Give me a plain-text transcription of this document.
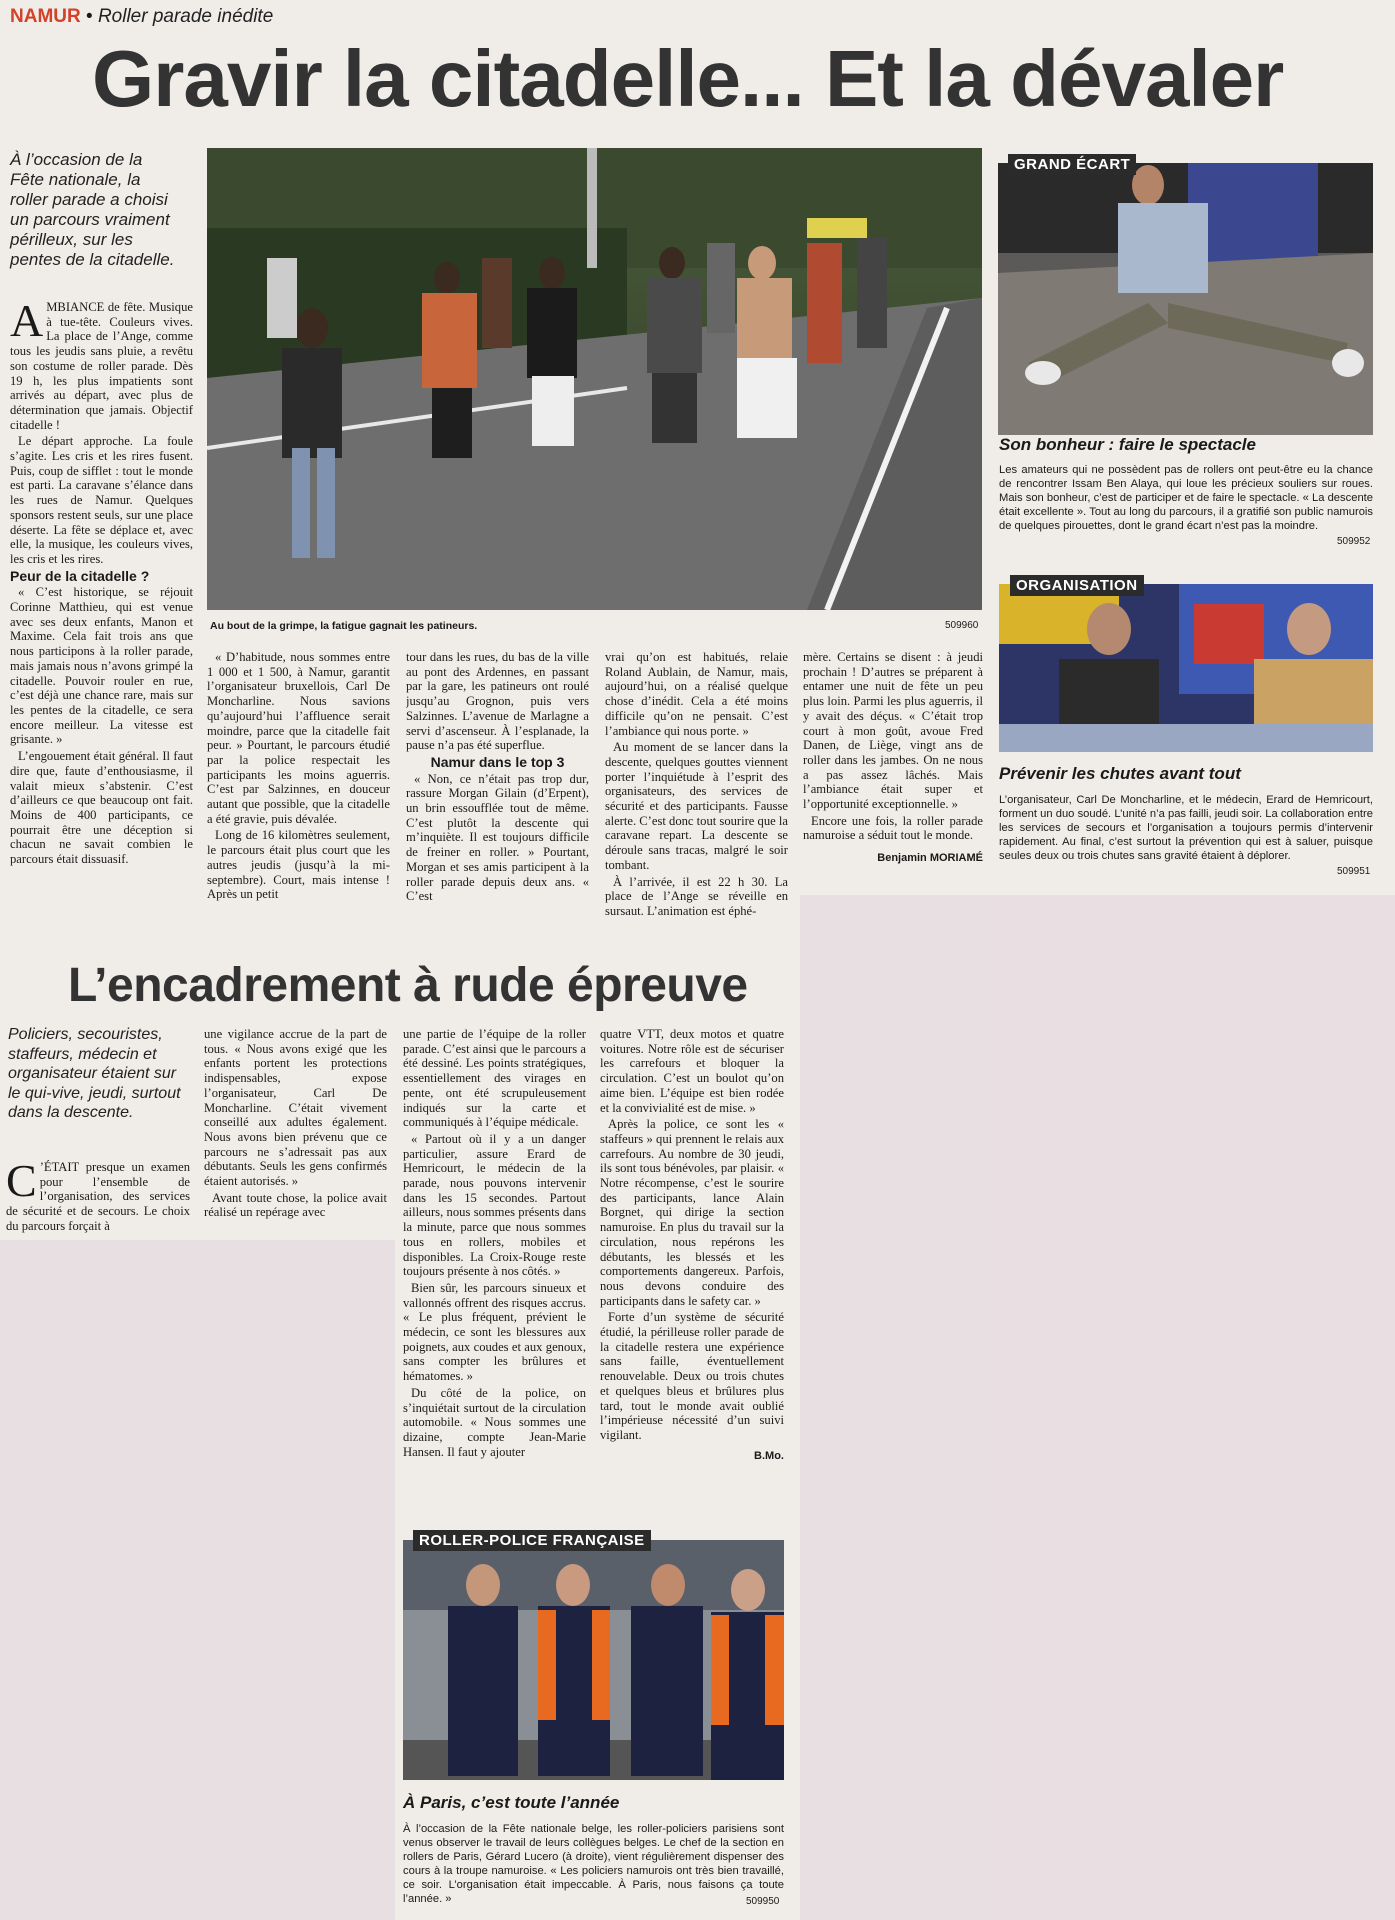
NAMUR • Roller parade inédite
Gravir la citadelle... Et la dévaler
À l’occasion de la Fête nationale, la roller parade a choisi un parcours vraiment périlleux, sur les pentes de la citadelle.
Au bout de la grimpe, la fatigue gagnait les patineurs.	509960

AMBIANCE de fête. Musique à tue-tête. Couleurs vives. La place de l’Ange, comme tous les jeudis sans pluie, a revêtu son costume de roller parade. Dès 19 h, les plus impatients sont arrivés au départ, avec plus de détermination que jamais. Objectif citadelle !

Le départ approche. La foule s’agite. Les cris et les rires fusent. Puis, coup de sifflet : tout le monde est parti. La caravane s’élance dans les rues de Namur. Quelques sponsors restent seuls, sur une place déserte. La fête se déplace et, avec elle, la musique, les couleurs vives, les cris et les rires.

Peur de la citadelle ?

« C’est historique, se réjouit Corinne Matthieu, qui est venue avec ses deux enfants, Manon et Maxime. Cela fait trois ans que nous participons à la roller parade, mais jamais nous n’avons grimpé la citadelle. Pouvoir rouler en rue, c’est déjà une chance rare, mais sur les pentes de la citadelle, ce sera encore meilleur. La vitesse est grisante. »

L’engouement était général. Il faut dire que, faute d’enthousiasme, il valait mieux s’abstenir. C’est d’ailleurs ce que beaucoup ont fait. Moins de 400 participants, ce pourrait être une déception si chacun ne savait combien le parcours était dissuasif.

« D’habitude, nous sommes entre 1 000 et 1 500, à Namur, garantit l’organisateur bruxellois, Carl De Moncharline. Nous savions qu’aujourd’hui l’affluence serait moindre, parce que la citadelle fait peur. » Pourtant, le parcours étudié par la police respectait les participants les moins aguerris. C’est par Salzinnes, en douceur autant que possible, que la citadelle a été gravie, puis dévalée.

Long de 16 kilomètres seulement, le parcours était plus court que les autres jeudis (jusqu’à la mi-septembre). Court, mais intense ! Après un petit

tour dans les rues, du bas de la ville au pont des Ardennes, en passant par la gare, les patineurs ont roulé jusqu’au Grognon, puis vers Salzinnes. L’avenue de Marlagne a servi d’ascenseur. À l’esplanade, la pause n’a pas été superflue.

Namur dans le top 3

« Non, ce n’était pas trop dur, rassure Morgan Gilain (d’Erpent), un brin essoufflée tout de même. C’est plutôt la descente qui m’inquiète. Il est toujours difficile de freiner en roller. » Pourtant, Morgan et ses amis participent à la roller parade depuis deux ans. « C’est

vrai qu’on est habitués, relaie Roland Aublain, de Namur, mais, aujourd’hui, on a réalisé quelque chose d’inédit. Cela a été moins difficile qu’on ne pensait. C’est l’ambiance qui nous porte. »

Au moment de se lancer dans la descente, quelques gouttes viennent porter l’inquiétude à l’esprit des organisateurs, des services de sécurité et des participants. Fausse alerte. C’est donc tout sourire que la caravane repart. La descente se déroule sans tracas, malgré le soir tombant.

À l’arrivée, il est 22 h 30. La place de l’Ange se réveille en sursaut. L’animation est éphé-

mère. Certains se disent : à jeudi prochain ! D’autres se préparent à entamer une nuit de fête un peu plus loin. Parmi les plus aguerris, il y avait des déçus. « C’était trop court à mon goût, avoue Fred Danen, de Liège, vingt ans de roller dans les jambes. On ne nous a pas assez lâchés. Mais l’ambiance était super et l’opportunité exceptionnelle. »

Encore une fois, la roller parade namuroise a séduit tout le monde.

Benjamin MORIAMÉ
GRAND ÉCART
Son bonheur : faire le spectacle
Les amateurs qui ne possèdent pas de rollers ont peut-être eu la chance de rencontrer Issam Ben Alaya, qui loue les précieux souliers sur roues. Mais son bonheur, c’est de participer et de faire le spectacle. « La descente était excellente ». Tout au long du parcours, il a gratifié son public namurois de quelques pirouettes, dont le grand écart n’est pas la moindre.
509952
ORGANISATION
Prévenir les chutes avant tout
L’organisateur, Carl De Moncharline, et le médecin, Erard de Hemricourt, forment un duo soudé. L’unité n’a pas failli, jeudi soir. La collaboration entre les services de secours et l’organisation a toujours permis d’intervenir rapidement. Au final, c’est surtout la prévention qui est à saluer, puisque seules deux ou trois chutes sans gravité étaient à déplorer.
509951
L’encadrement à rude épreuve
Policiers, secouristes, staffeurs, médecin et organisateur étaient sur le qui-vive, jeudi, surtout dans la descente.

C ’ÉTAIT presque un examen pour l’ensemble de l’organisation, des services de sécurité et de secours. Le choix du parcours forçait à

une vigilance accrue de la part de tous. « Nous avons exigé que les enfants portent les protections indispensables, expose l’organisateur, Carl De Moncharline. C’était vivement conseillé aux adultes également. Nous avons bien prévenu que ce parcours ne s’adressait pas aux débutants. Seuls les gens confirmés étaient autorisés. »

Avant toute chose, la police avait réalisé un repérage avec

une partie de l’équipe de la roller parade. C’est ainsi que le parcours a été dessiné. Les points stratégiques, essentiellement des virages en pente, ont été scrupuleusement indiqués sur la carte et communiqués à l’équipe médicale.

« Partout où il y a un danger particulier, assure Erard de Hemricourt, le médecin de la parade, nous pouvons intervenir dans les 15 secondes. Partout ailleurs, nous sommes présents dans la minute, parce que nous sommes tous en rollers, mobiles et disponibles. La Croix-Rouge reste toujours présente à nos côtés. »

Bien sûr, les parcours sinueux et vallonnés offrent des risques accrus. « Le plus fréquent, prévient le médecin, ce sont les blessures aux poignets, aux coudes et aux genoux, sans compter les brûlures et hématomes. »

Du côté de la police, on s’inquiétait surtout de la circulation automobile. « Nous sommes une dizaine, compte Jean-Marie Hansen. Il faut y ajouter

quatre VTT, deux motos et quatre voitures. Notre rôle est de sécuriser les carrefours et bloquer la circulation. C’est un boulot qu’on aime bien. L’équipe est bien rodée et la convivialité est de mise. »

Après la police, ce sont les « staffeurs » qui prennent le relais aux carrefours. Au nombre de 30 jeudi, ils sont tous bénévoles, par plaisir. « Notre récompense, c’est le sourire des participants, lance Alain Borgnet, qui dirige la section namuroise. En plus du travail sur la circulation, nous repérons les débutants, les blessés et les comportements dangereux. Parfois, nous devons conduire des participants dans le safety car. »

Forte d’un système de sécurité étudié, la périlleuse roller parade de la citadelle restera une expérience sans faille, éventuellement renouvelable. Deux ou trois chutes et quelques bleus et brûlures plus tard, tout le monde avait oublié l’impérieuse nécessité d’un suivi vigilant.

B.Mo.
ROLLER-POLICE FRANÇAISE
À Paris, c’est toute l’année
À l’occasion de la Fête nationale belge, les roller-policiers parisiens sont venus observer le travail de leurs collègues belges. Le chef de la section en rollers de Paris, Gérard Lucero (à droite), vient régulièrement dispenser des cours à la troupe namuroise. « Les policiers namurois ont très bien travaillé, ce soir. L’organisation était impeccable. À Paris, nous faisons ça toute l’année. »	509950
